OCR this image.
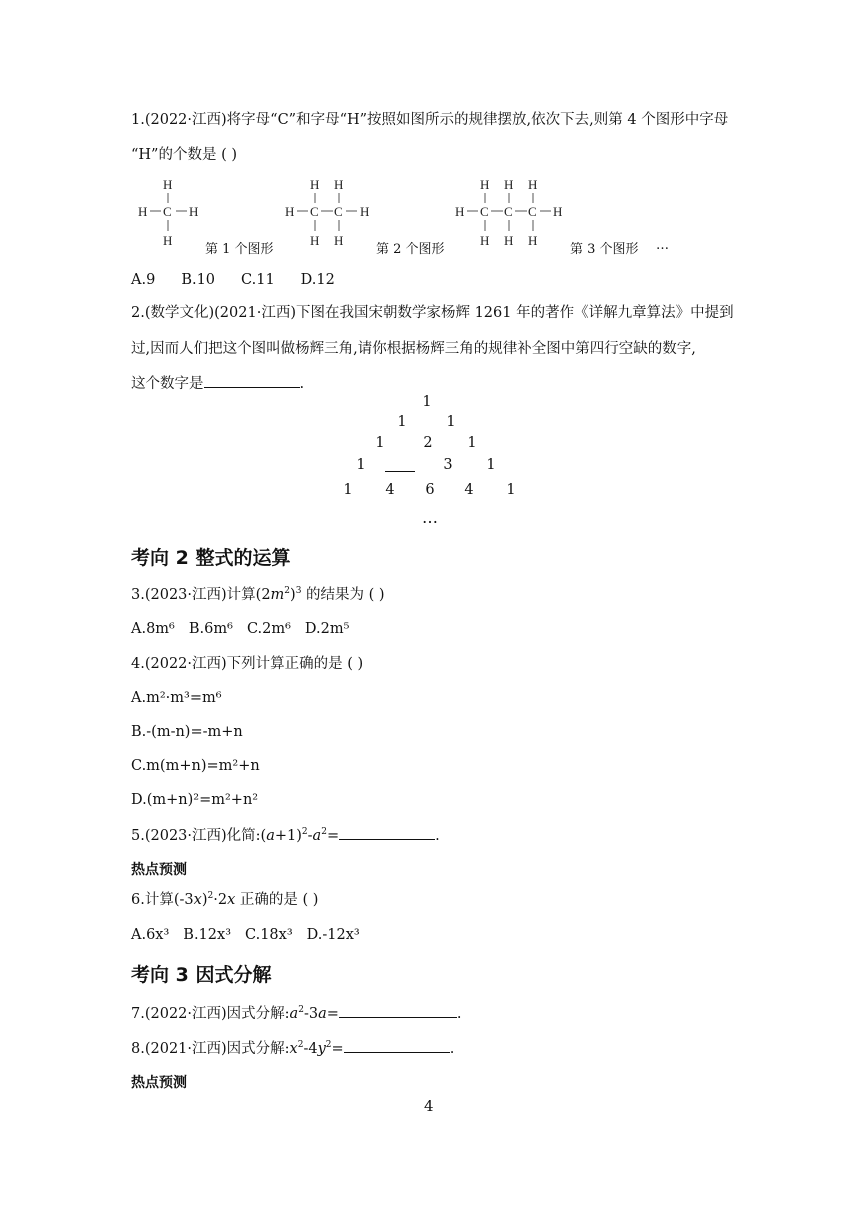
1.(2022·江西)将字母“C”和字母“H”按照如图所示的规律摆放,依次下去,则第 4 个图形中字母
“H”的个数是 ( )
H
H C H
H
第 1 个图形
H H
H C C H
H H
第 2 个图形
H H H
H C C C H
H H H
第 3 个图形 …
A.9 B.10 C.11 D.12
2.(数学文化)(2021·江西)下图在我国宋朝数学家杨辉 1261 年的著作《详解九章算法》中提到
过,因而人们把这个图叫做杨辉三角,请你根据杨辉三角的规律补全图中第四行空缺的数字,
这个数字是	.
1
1	1
1	2	1
1	3	1
1	4	6	4	1
…
考向 2 整式的运算
3.(2023·江西)计算$(2m^2)^3$ 的结果为 ( )
A.8m⁶ B.6m⁶ C.2m⁶ D.2m⁵
4.(2022·江西)下列计算正确的是 ( )
A.m²·m³=m⁶
B.-(m-n)=-m+n
C.m(m+n)=m²+n
D.(m+n)²=m²+n²
5.(2023·江西)化简$:(a+1)^2-a^2=$	.
热点预测
6.计算$(-3x)^2\cdot 2x$ 正确的是 ( )
A.6x³ B.12x³ C.18x³ D.-12x³
考向 3 因式分解
7.(2022·江西)因式分解$:a^2-3a=$	.
8.(2021·江西)因式分解$:x^2-4y^2=$	.
热点预测
4
